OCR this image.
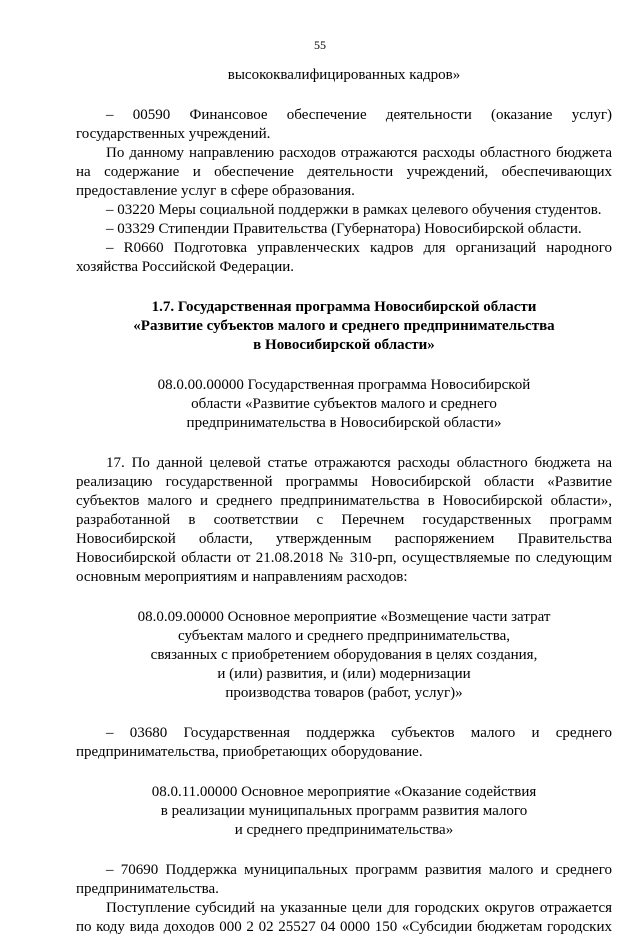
55

высококвалифицированных кадров»

– 00590 Финансовое обеспечение деятельности (оказание услуг) государственных учреждений.

По данному направлению расходов отражаются расходы областного бюджета на содержание и обеспечение деятельности учреждений, обеспечивающих предоставление услуг в сфере образования.

– 03220 Меры социальной поддержки в рамках целевого обучения студентов.

– 03329 Стипендии Правительства (Губернатора) Новосибирской области.

– R0660 Подготовка управленческих кадров для организаций народного хозяйства Российской Федерации.

1.7. Государственная программа Новосибирской области
«Развитие субъектов малого и среднего предпринимательства
в Новосибирской области»

08.0.00.00000 Государственная программа Новосибирской
области «Развитие субъектов малого и среднего
предпринимательства в Новосибирской области»

17. По данной целевой статье отражаются расходы областного бюджета на реализацию государственной программы Новосибирской области «Развитие субъектов малого и среднего предпринимательства в Новосибирской области», разработанной в соответствии с Перечнем государственных программ Новосибирской области, утвержденным распоряжением Правительства Новосибирской области от 21.08.2018 № 310-рп, осуществляемые по следующим основным мероприятиям и направлениям расходов:

08.0.09.00000 Основное мероприятие «Возмещение части затрат
субъектам малого и среднего предпринимательства,
связанных с приобретением оборудования в целях создания,
и (или) развития, и (или) модернизации
производства товаров (работ, услуг)»

– 03680 Государственная поддержка субъектов малого и среднего предпринимательства, приобретающих оборудование.

08.0.11.00000 Основное мероприятие «Оказание содействия
в реализации муниципальных программ развития малого
и среднего предпринимательства»

– 70690 Поддержка муниципальных программ развития малого и среднего предпринимательства.

Поступление субсидий на указанные цели для городских округов отражается по коду вида доходов 000 2 02 25527 04 0000 150 «Субсидии бюджетам городских
